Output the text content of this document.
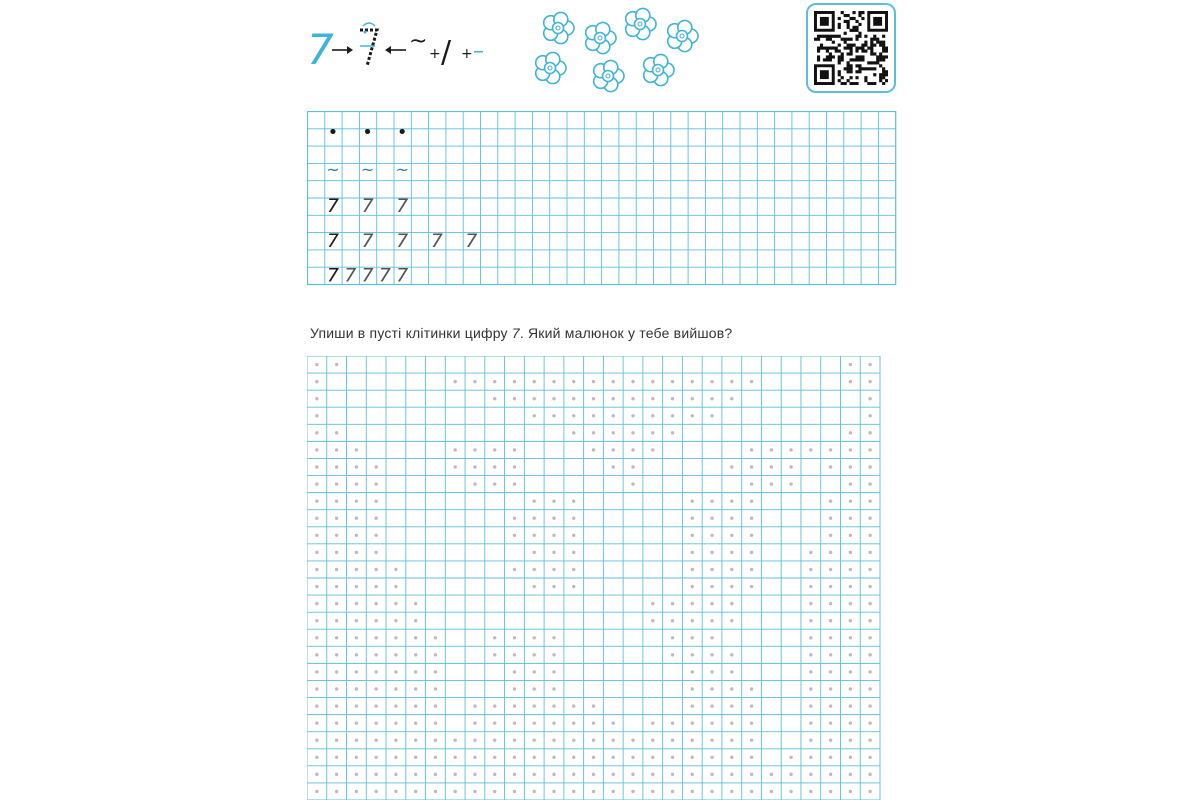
7	~ + / + –
• • •
~ ~ ~
7 7 7
7 7 7 7 7
7 7 7 7 7
Упиши в пусті клітинки цифру 7. Який малюнок у тебе вийшов?
